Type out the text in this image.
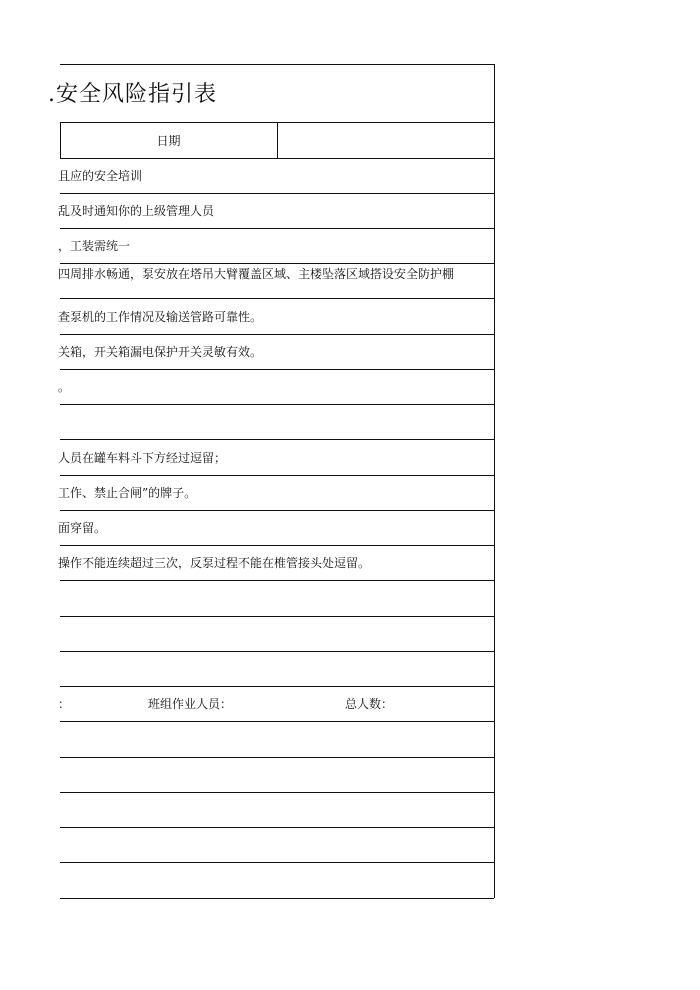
.安全风险指引表
日期
且应的安全培训
乱及时通知你的上级管理人员
，工装需统一
四周排水畅通，泵安放在塔吊大臂覆盖区域、主楼坠落区域搭设安全防护棚
查泵机的工作情况及输送管路可靠性。
关箱，开关箱漏电保护开关灵敏有效。
。
人员在罐车料斗下方经过逗留；
工作、禁止合闸”的牌子。
面穿留。
操作不能连续超过三次，反泵过程不能在椎管接头处逗留。
：	班组作业人员：	总人数：
